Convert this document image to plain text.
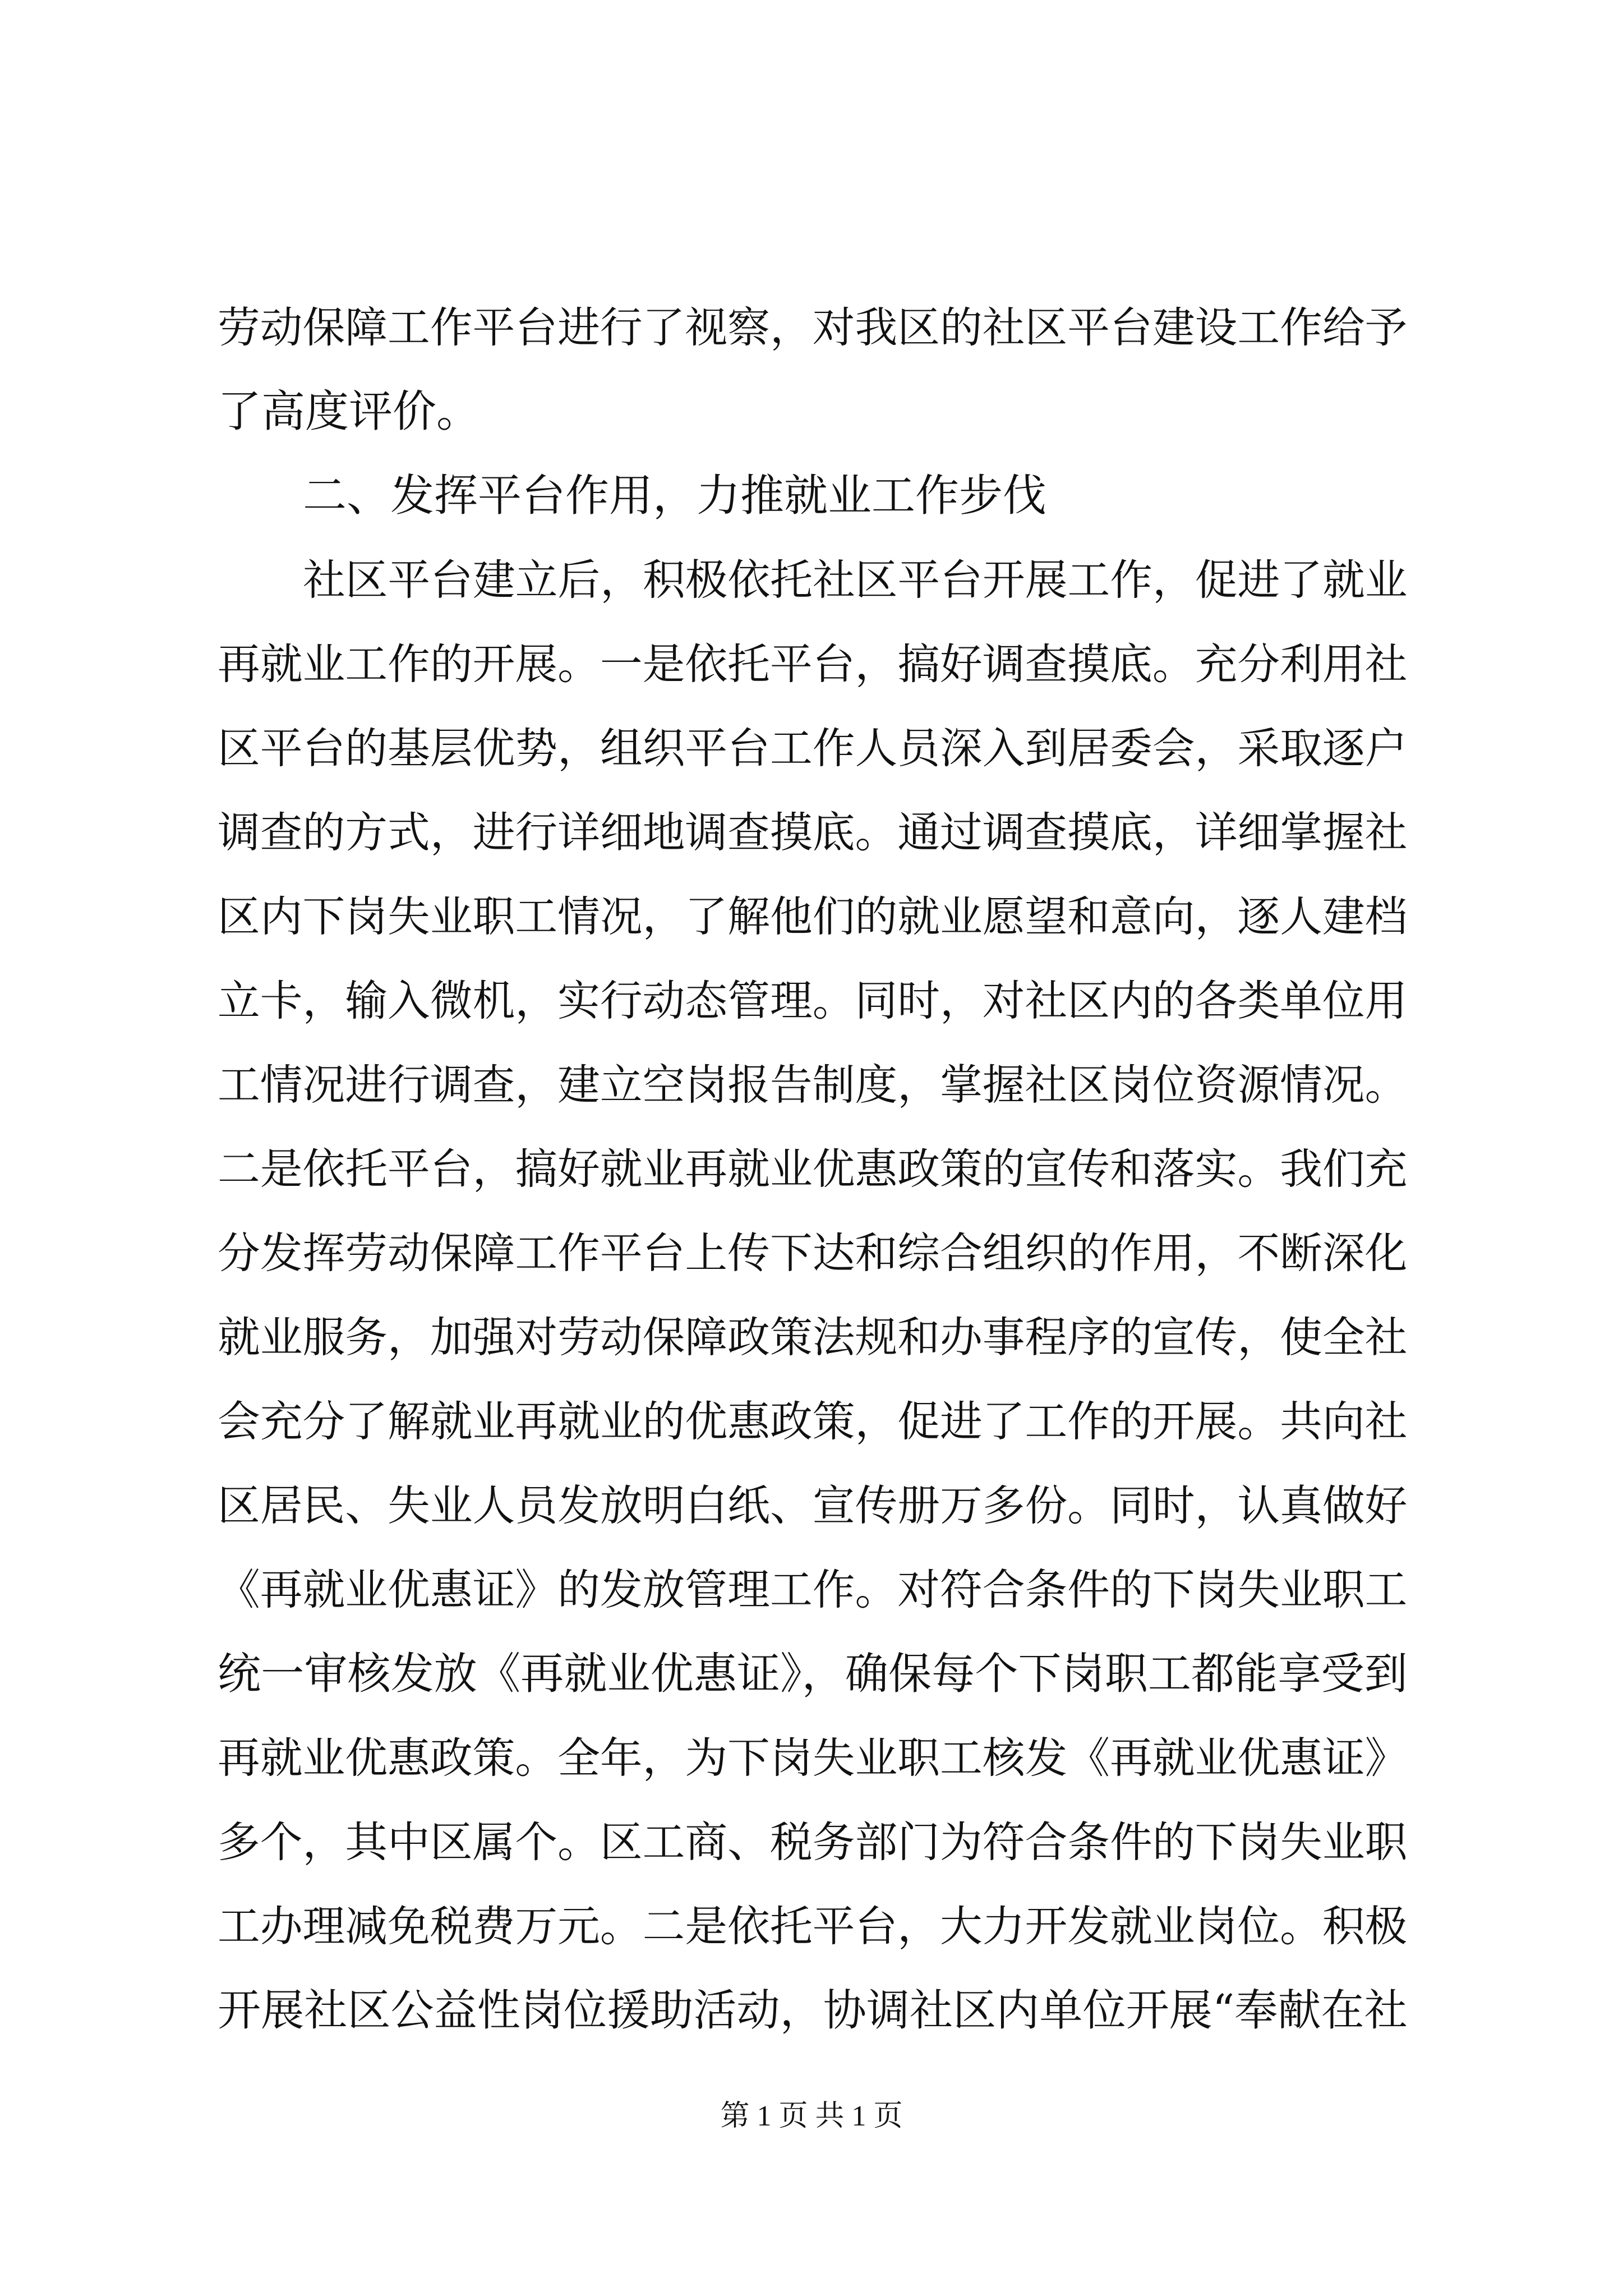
劳动保障工作平台进行了视察，对我区的社区平台建设工作给予
了高度评价。
二、发挥平台作用，力推就业工作步伐
社区平台建立后，积极依托社区平台开展工作，促进了就业
再就业工作的开展。一是依托平台，搞好调查摸底。充分利用社
区平台的基层优势，组织平台工作人员深入到居委会，采取逐户
调查的方式，进行详细地调查摸底。通过调查摸底，详细掌握社
区内下岗失业职工情况，了解他们的就业愿望和意向，逐人建档
立卡，输入微机，实行动态管理。同时，对社区内的各类单位用
工情况进行调查，建立空岗报告制度，掌握社区岗位资源情况。
二是依托平台，搞好就业再就业优惠政策的宣传和落实。我们充
分发挥劳动保障工作平台上传下达和综合组织的作用，不断深化
就业服务，加强对劳动保障政策法规和办事程序的宣传，使全社
会充分了解就业再就业的优惠政策，促进了工作的开展。共向社
区居民、失业人员发放明白纸、宣传册万多份。同时，认真做好
《再就业优惠证》的发放管理工作。对符合条件的下岗失业职工
统一审核发放《再就业优惠证》，确保每个下岗职工都能享受到
再就业优惠政策。全年，为下岗失业职工核发《再就业优惠证》
多个，其中区属个。区工商、税务部门为符合条件的下岗失业职
工办理减免税费万元。二是依托平台，大力开发就业岗位。积极
开展社区公益性岗位援助活动，协调社区内单位开展“奉献在社
第 1 页 共 1 页
